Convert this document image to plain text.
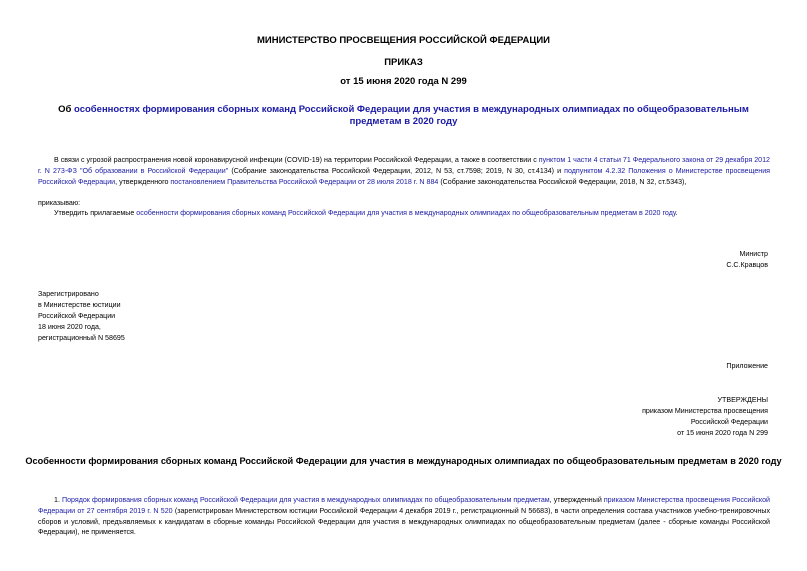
МИНИСТЕРСТВО ПРОСВЕЩЕНИЯ РОССИЙСКОЙ ФЕДЕРАЦИИ
ПРИКАЗ
от 15 июня 2020 года N 299
Об особенностях формирования сборных команд Российской Федерации для участия в международных олимпиадах по общеобразовательным предметам в 2020 году
В связи с угрозой распространения новой коронавирусной инфекции (COVID-19) на территории Российской Федерации, а также в соответствии с пунктом 1 части 4 статьи 71 Федерального закона от 29 декабря 2012 г. N 273-ФЗ "Об образовании в Российской Федерации" (Собрание законодательства Российской Федерации, 2012, N 53, ст.7598; 2019, N 30, ст.4134) и подпунктом 4.2.32 Положения о Министерстве просвещения Российской Федерации, утвержденного постановлением Правительства Российской Федерации от 28 июля 2018 г. N 884 (Собрание законодательства Российской Федерации, 2018, N 32, ст.5343),
приказываю:
Утвердить прилагаемые особенности формирования сборных команд Российской Федерации для участия в международных олимпиадах по общеобразовательным предметам в 2020 году.
Министр
С.С.Кравцов
Зарегистрировано
в Министерстве юстиции
Российской Федерации
18 июня 2020 года,
регистрационный N 58695
Приложение
УТВЕРЖДЕНЫ
приказом Министерства просвещения
Российской Федерации
от 15 июня 2020 года N 299
Особенности формирования сборных команд Российской Федерации для участия в международных олимпиадах по общеобразовательным предметам в 2020 году
1. Порядок формирования сборных команд Российской Федерации для участия в международных олимпиадах по общеобразовательным предметам, утвержденный приказом Министерства просвещения Российской Федерации от 27 сентября 2019 г. N 520 (зарегистрирован Министерством юстиции Российской Федерации 4 декабря 2019 г., регистрационный N 56683), в части определения состава участников учебно-тренировочных сборов и условий, предъявляемых к кандидатам в сборные команды Российской Федерации для участия в международных олимпиадах по общеобразовательным предметам (далее - сборные команды Российской Федерации), не применяется.
